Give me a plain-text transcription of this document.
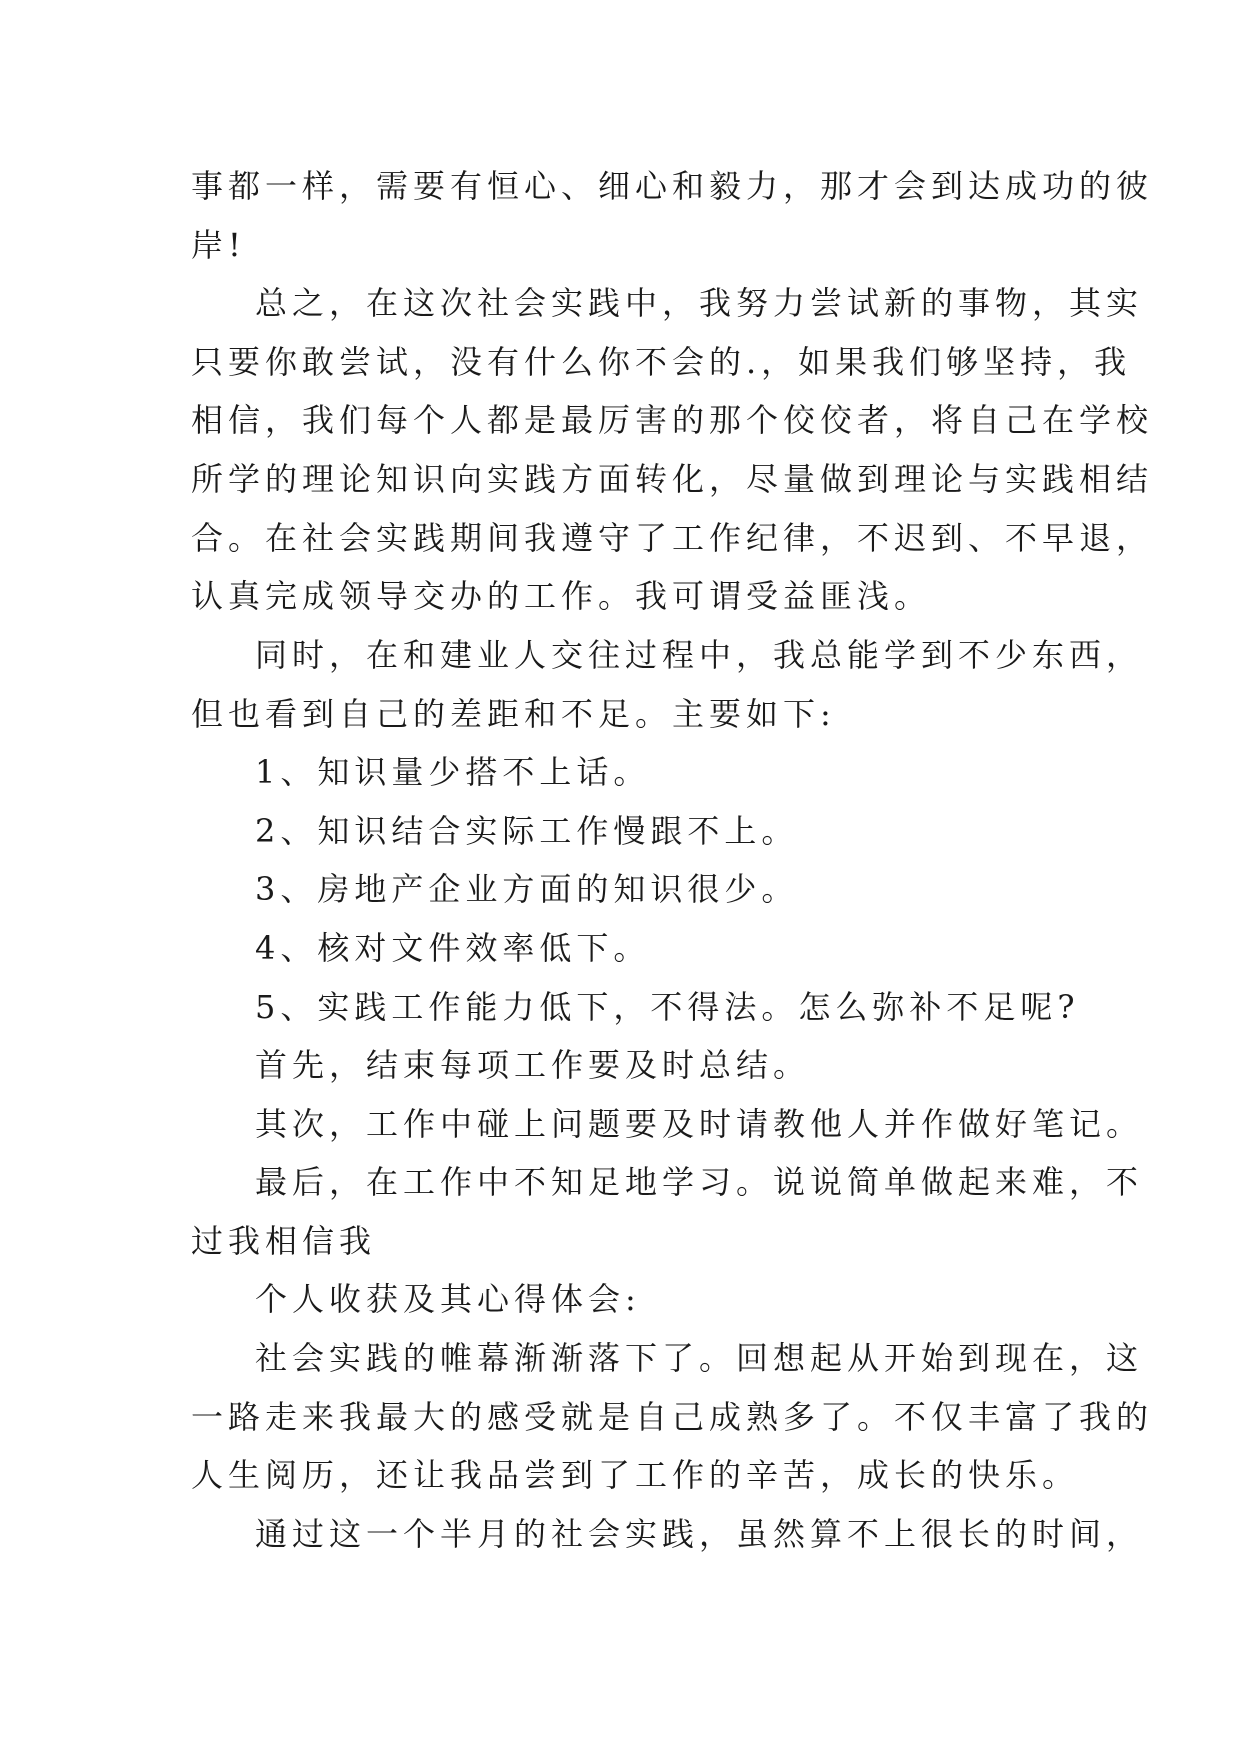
事都一样，需要有恒心、细心和毅力，那才会到达成功的彼
岸!
总之，在这次社会实践中，我努力尝试新的事物，其实
只要你敢尝试，没有什么你不会的.，如果我们够坚持，我
相信，我们每个人都是最厉害的那个佼佼者，将自己在学校
所学的理论知识向实践方面转化，尽量做到理论与实践相结
合。在社会实践期间我遵守了工作纪律，不迟到、不早退，
认真完成领导交办的工作。我可谓受益匪浅。
同时，在和建业人交往过程中，我总能学到不少东西，
但也看到自己的差距和不足。主要如下:
1、知识量少搭不上话。
2、知识结合实际工作慢跟不上。
3、房地产企业方面的知识很少。
4、核对文件效率低下。
5、实践工作能力低下，不得法。怎么弥补不足呢?
首先，结束每项工作要及时总结。
其次，工作中碰上问题要及时请教他人并作做好笔记。
最后，在工作中不知足地学习。说说简单做起来难，不
过我相信我
个人收获及其心得体会:
社会实践的帷幕渐渐落下了。回想起从开始到现在，这
一路走来我最大的感受就是自己成熟多了。不仅丰富了我的
人生阅历，还让我品尝到了工作的辛苦，成长的快乐。
通过这一个半月的社会实践，虽然算不上很长的时间，
